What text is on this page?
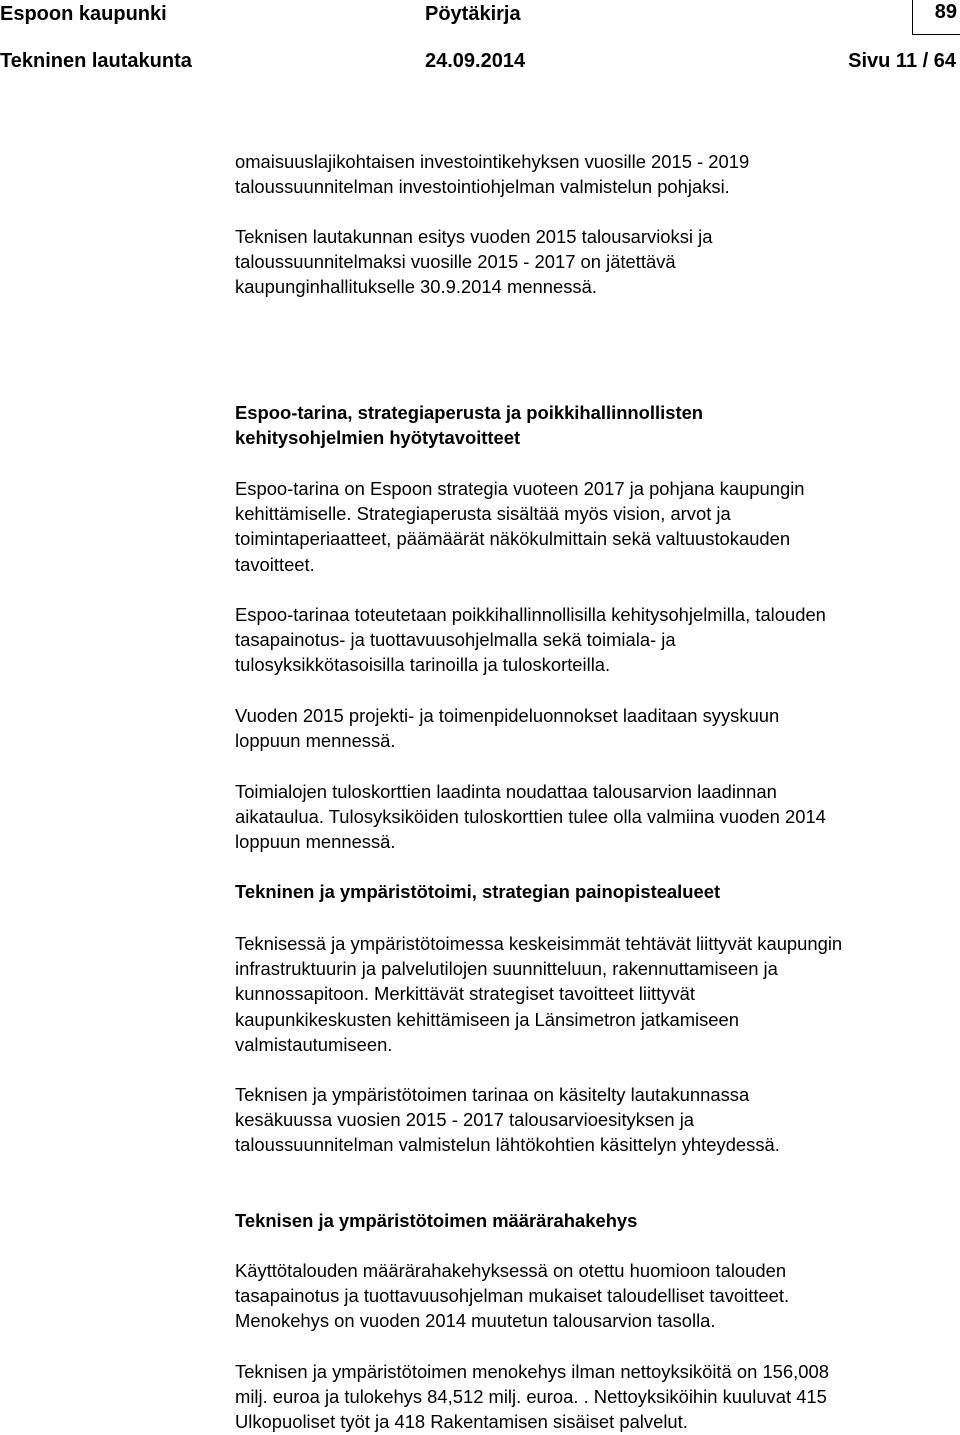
Espoon kaupunki	Pöytäkirja	89
Tekninen lautakunta	24.09.2014	Sivu 11 / 64

omaisuuslajikohtaisen investointikehyksen vuosille 2015 - 2019
taloussuunnitelman investointiohjelman valmistelun pohjaksi.

Teknisen lautakunnan esitys vuoden 2015 talousarvioksi ja
taloussuunnitelmaksi vuosille 2015 - 2017 on jätettävä
kaupunginhallitukselle 30.9.2014 mennessä.

Espoo-tarina, strategiaperusta ja poikkihallinnollisten
kehitysohjelmien hyötytavoitteet

Espoo-tarina on Espoon strategia vuoteen 2017 ja pohjana kaupungin
kehittämiselle. Strategiaperusta sisältää myös vision, arvot ja
toimintaperiaatteet, päämäärät näkökulmittain sekä valtuustokauden
tavoitteet.

Espoo-tarinaa toteutetaan poikkihallinnollisilla kehitysohjelmilla, talouden
tasapainotus- ja tuottavuusohjelmalla sekä toimiala- ja
tulosyksikkötasoisilla tarinoilla ja tuloskorteilla.

Vuoden 2015 projekti- ja toimenpideluonnokset laaditaan syyskuun
loppuun mennessä.

Toimialojen tuloskorttien laadinta noudattaa talousarvion laadinnan
aikataulua. Tulosyksiköiden tuloskorttien tulee olla valmiina vuoden 2014
loppuun mennessä.

Tekninen ja ympäristötoimi, strategian painopistealueet

Teknisessä ja ympäristötoimessa keskeisimmät tehtävät liittyvät kaupungin
infrastruktuurin ja palvelutilojen suunnitteluun, rakennuttamiseen ja
kunnossapitoon. Merkittävät strategiset tavoitteet liittyvät
kaupunkikeskusten kehittämiseen ja Länsimetron jatkamiseen
valmistautumiseen.

Teknisen ja ympäristötoimen tarinaa on käsitelty lautakunnassa
kesäkuussa vuosien 2015 - 2017 talousarvioesityksen ja
taloussuunnitelman valmistelun lähtökohtien käsittelyn yhteydessä.

Teknisen ja ympäristötoimen määrärahakehys

Käyttötalouden määrärahakehyksessä on otettu huomioon talouden
tasapainotus ja tuottavuusohjelman mukaiset taloudelliset tavoitteet.
Menokehys on vuoden 2014 muutetun talousarvion tasolla.

Teknisen ja ympäristötoimen menokehys ilman nettoyksiköitä on 156,008
milj. euroa ja tulokehys 84,512 milj. euroa. . Nettoyksiköihin kuuluvat 415
Ulkopuoliset työt ja 418 Rakentamisen sisäiset palvelut.
